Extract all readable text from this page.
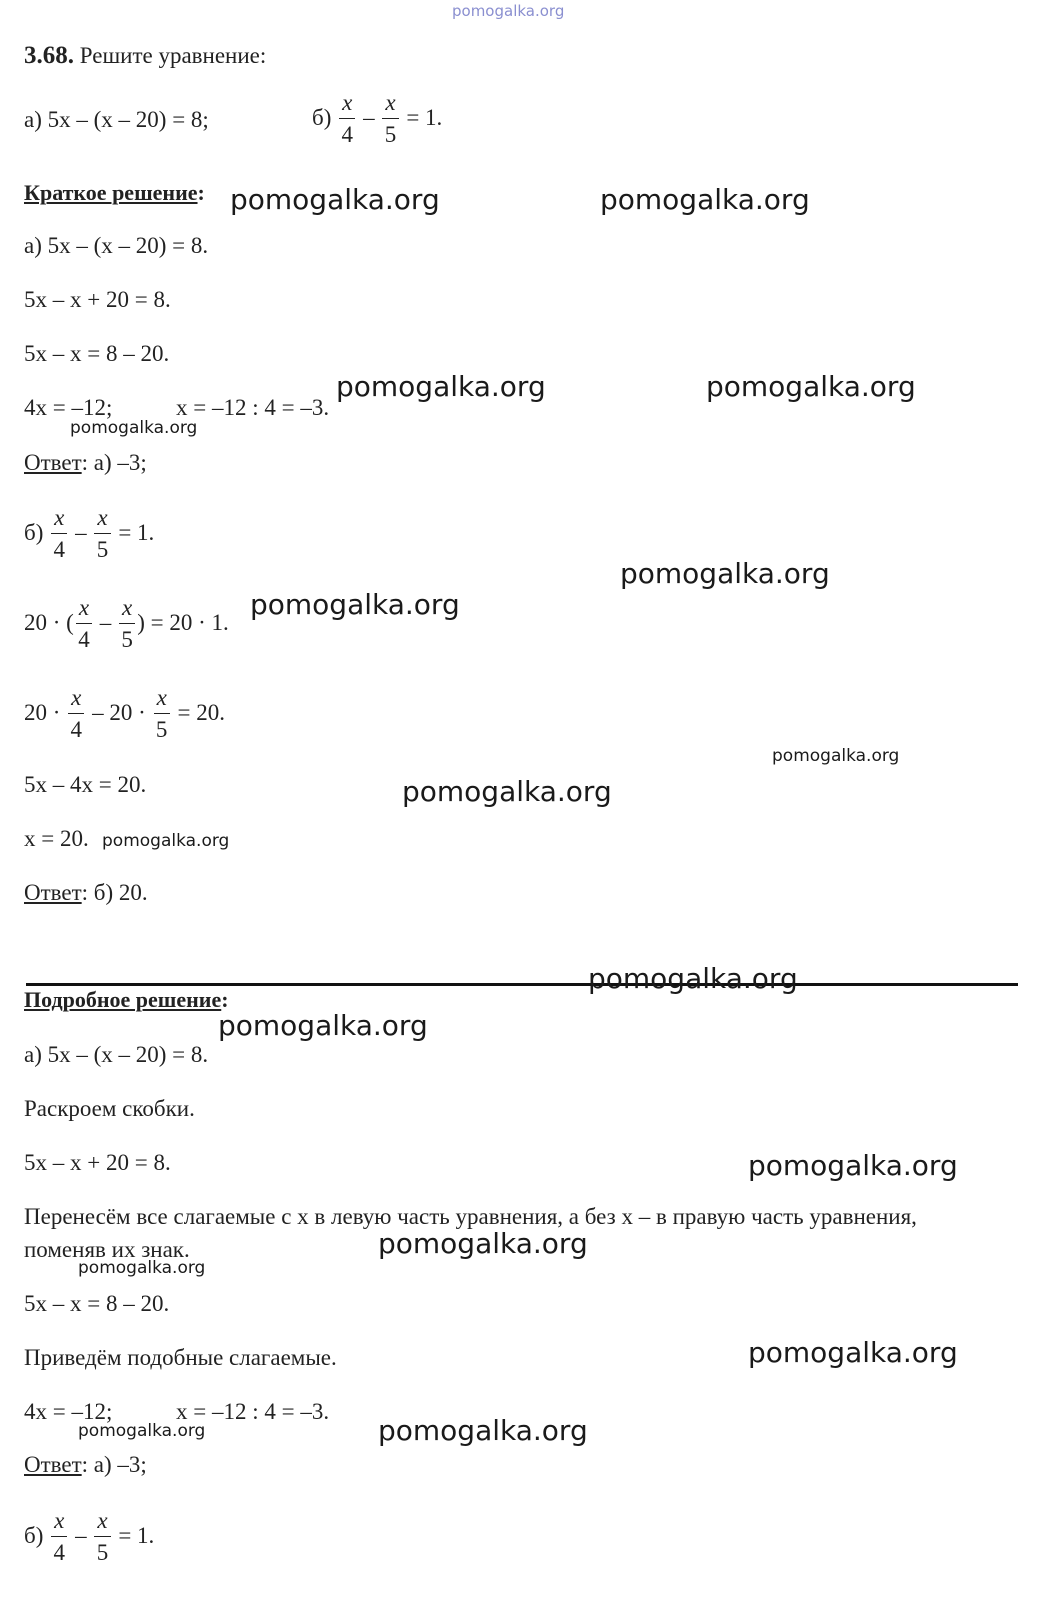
pomogalka.org
3.68. Решите уравнение:
а) 5x – (x – 20) = 8;	$б) \frac{x}{4} - \frac{x}{5} = 1$.
Краткое решение:
а) 5x – (x – 20) = 8.
5x – x + 20 = 8.
5x – x = 8 – 20.
4x = –12;	x = –12 : 4 = –3.
Ответ: а) –3;
$б) \frac{x}{4} - \frac{x}{5} = 1$.
20 · ( $\frac{x}{4} - \frac{x}{5}$ ) = 20 · 1.
$20 \cdot \frac{x}{4} - 20 \cdot \frac{x}{5} = 20$.
5x – 4x = 20.
x = 20.
Ответ: б) 20.
Подробное решение:
а) 5x – (x – 20) = 8.
Раскроем скобки.
5x – x + 20 = 8.
Перенесём все слагаемые с x в левую часть уравнения, а без x – в правую часть уравнения,
поменяв их знак.
5x – x = 8 – 20.
Приведём подобные слагаемые.
4x = –12;	x = –12 : 4 = –3.
Ответ: а) –3;
$б) \frac{x}{4} - \frac{x}{5} = 1$.
pomogalka.org	pomogalka.org
pomogalka.org	pomogalka.org
pomogalka.org
pomogalka.org
pomogalka.org
pomogalka.org
pomogalka.org
pomogalka.org
pomogalka.org
pomogalka.org
pomogalka.org
pomogalka.org
pomogalka.org
pomogalka.org
pomogalka.org	pomogalka.org
